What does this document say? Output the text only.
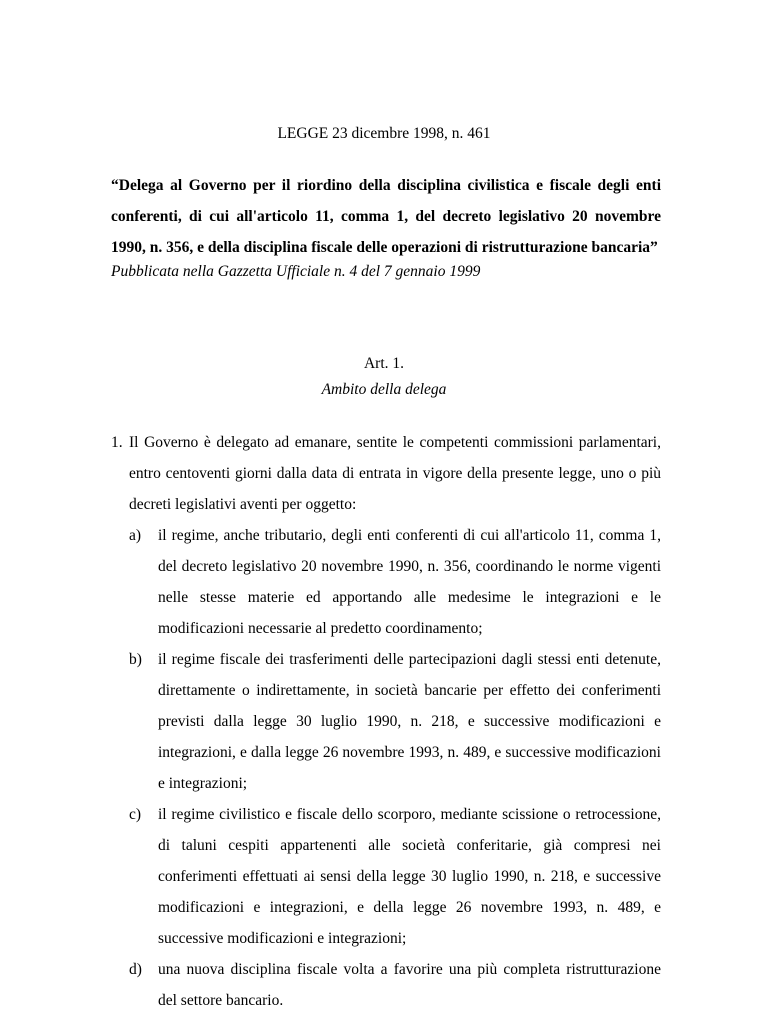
LEGGE 23 dicembre 1998, n. 461

“Delega al Governo per il riordino della disciplina civilistica e fiscale degli enti conferenti, di cui all'articolo 11, comma 1, del decreto legislativo 20 novembre 1990, n. 356, e della disciplina fiscale delle operazioni di ristrutturazione bancaria”

Pubblicata nella Gazzetta Ufficiale n. 4 del 7 gennaio 1999

Art. 1.

Ambito della delega

1. Il Governo è delegato ad emanare, sentite le competenti commissioni parlamentari, entro centoventi giorni dalla data di entrata in vigore della presente legge, uno o più decreti legislativi aventi per oggetto:
a) il regime, anche tributario, degli enti conferenti di cui all'articolo 11, comma 1, del decreto legislativo 20 novembre 1990, n. 356, coordinando le norme vigenti nelle stesse materie ed apportando alle medesime le integrazioni e le modificazioni necessarie al predetto coordinamento;
b) il regime fiscale dei trasferimenti delle partecipazioni dagli stessi enti detenute, direttamente o indirettamente, in società bancarie per effetto dei conferimenti previsti dalla legge 30 luglio 1990, n. 218, e successive modificazioni e integrazioni, e dalla legge 26 novembre 1993, n. 489, e successive modificazioni e integrazioni;
c) il regime civilistico e fiscale dello scorporo, mediante scissione o retrocessione, di taluni cespiti appartenenti alle società conferitarie, già compresi nei conferimenti effettuati ai sensi della legge 30 luglio 1990, n. 218, e successive modificazioni e integrazioni, e della legge 26 novembre 1993, n. 489, e successive modificazioni e integrazioni;
d) una nuova disciplina fiscale volta a favorire una più completa ristrutturazione del settore bancario.
